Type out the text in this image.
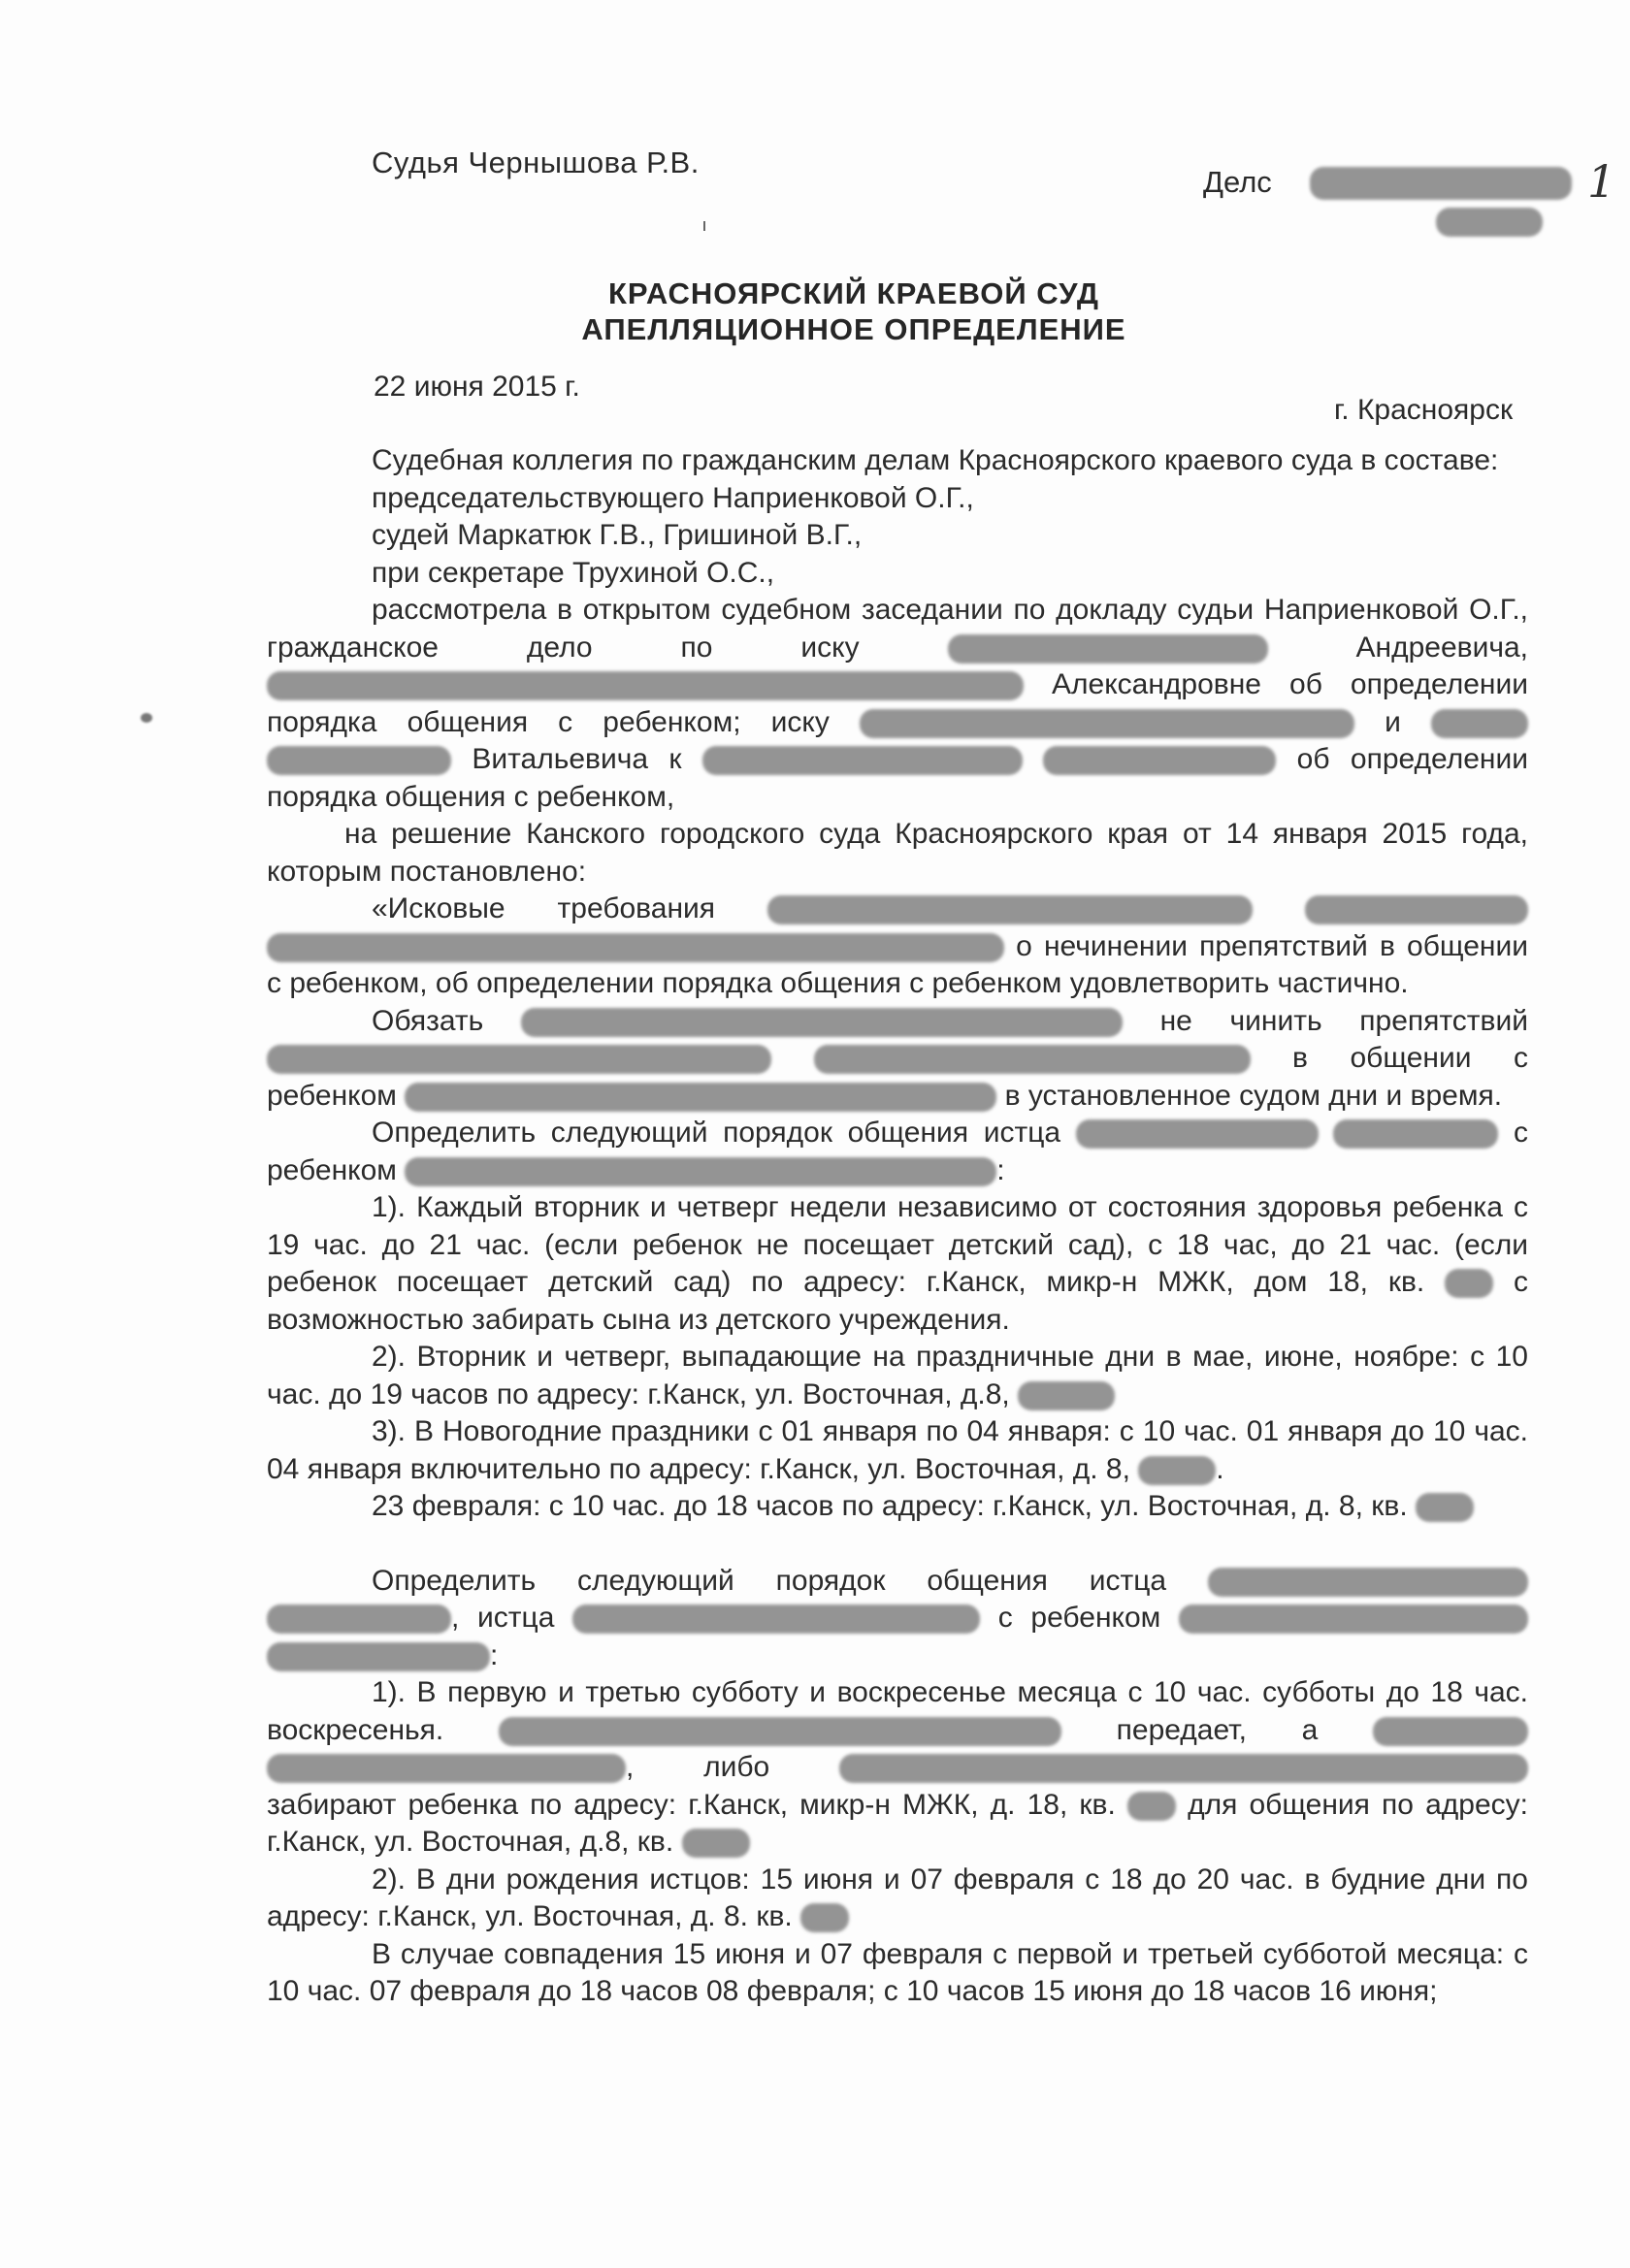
Судья Чернышова Р.В.
Делс	1
КРАСНОЯРСКИЙ КРАЕВОЙ СУД
АПЕЛЛЯЦИОННОЕ ОПРЕДЕЛЕНИЕ
22 июня 2015 г.
г. Красноярск

Судебная коллегия по гражданским делам Красноярского краевого суда в составе:

председательствующего Наприенковой О.Г.,

судей Маркатюк Г.В., Гришиной В.Г.,

при секретаре Трухиной О.С.,

рассмотрела в открытом судебном заседании по докладу судьи Наприенковой О.Г., гражданское дело по иску	Андреевича,  Александровне об определении порядка общения с ребенком; иску	и   Витальевича к	об определении порядка общения с ребенком,

на решение Канского городского суда Красноярского края от 14 января 2015 года, которым постановлено:

«Исковые требования    о нечинении препятствий в общении с ребенком, об определении порядка общения с ребенком удовлетворить частично.

Обязать	не чинить препятствий   в общении с ребенком	в установленное судом дни и время.

Определить следующий порядок общения истца	с ребенком	:

1). Каждый вторник и четверг недели независимо от состояния здоровья ребенка с 19 час. до 21 час. (если ребенок не посещает детский сад), с 18 час, до 21 час. (если ребенок посещает детский сад) по адресу: г.Канск, микр-н МЖК, дом 18, кв.	с возможностью забирать сына из детского учреждения.

2). Вторник и четверг, выпадающие на праздничные дни в мае, июне, ноябре: с 10 час. до 19 часов по адресу: г.Канск, ул. Восточная, д.8,

3). В Новогодние праздники с 01 января по 04 января: с 10 час. 01 января до 10 час. 04 января включительно по адресу: г.Канск, ул. Восточная, д. 8,	.

23 февраля: с 10 час. до 18 часов по адресу: г.Канск, ул. Восточная, д. 8, кв.

Определить следующий порядок общения истца  , истца	с ребенком  :

1). В первую и третью субботу и воскресенье месяца с 10 час. субботы до 18 час. воскресенья.	передает, а  , либо  забирают ребенка по адресу: г.Канск, микр-н МЖК, д. 18, кв. для общения по адресу: г.Канск, ул. Восточная, д.8, кв.

2). В дни рождения истцов: 15 июня и 07 февраля с 18 до 20 час. в будние дни по адресу: г.Канск, ул. Восточная, д. 8. кв.

В случае совпадения 15 июня и 07 февраля с первой и третьей субботой месяца: с 10 час. 07 февраля до 18 часов 08 февраля; с 10 часов 15 июня до 18 часов 16 июня;
